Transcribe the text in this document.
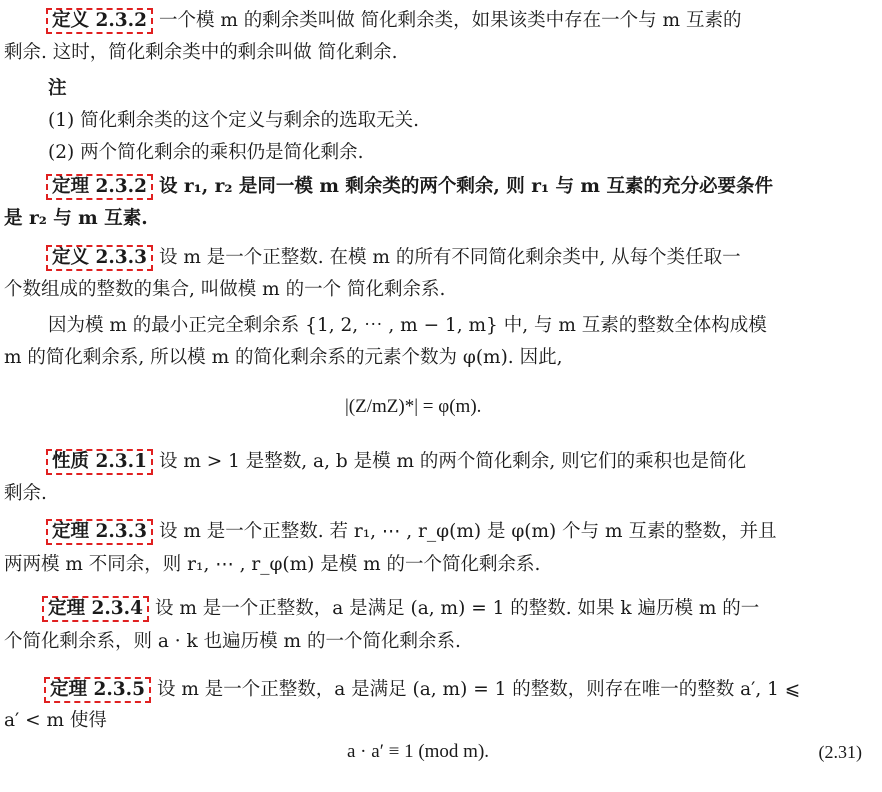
定义 2.3.2 一个模 m 的剩余类叫做 简化剩余类，如果该类中存在一个与 m 互素的
剩余. 这时，简化剩余类中的剩余叫做 简化剩余.
注
(1) 简化剩余类的这个定义与剩余的选取无关.
(2) 两个简化剩余的乘积仍是简化剩余.
定理 2.3.2 设 r₁, r₂ 是同一模 m 剩余类的两个剩余, 则 r₁ 与 m 互素的充分必要条件
是 r₂ 与 m 互素.
定义 2.3.3 设 m 是一个正整数. 在模 m 的所有不同简化剩余类中, 从每个类任取一
个数组成的整数的集合, 叫做模 m 的一个 简化剩余系.
因为模 m 的最小正完全剩余系 {1, 2, ⋯ , m − 1, m} 中, 与 m 互素的整数全体构成模
m 的简化剩余系, 所以模 m 的简化剩余系的元素个数为 φ(m). 因此,
|(Z/mZ)*| = φ(m).
性质 2.3.1 设 m > 1 是整数, a, b 是模 m 的两个简化剩余, 则它们的乘积也是简化
剩余.
定理 2.3.3 设 m 是一个正整数. 若 r₁, ⋯ , r_φ(m) 是 φ(m) 个与 m 互素的整数，并且
两两模 m 不同余，则 r₁, ⋯ , r_φ(m) 是模 m 的一个简化剩余系.
定理 2.3.4 设 m 是一个正整数，a 是满足 (a, m) = 1 的整数. 如果 k 遍历模 m 的一
个简化剩余系，则 a · k 也遍历模 m 的一个简化剩余系.
定理 2.3.5 设 m 是一个正整数，a 是满足 (a, m) = 1 的整数，则存在唯一的整数 a′, 1 ⩽
a′ < m 使得
a · a′ ≡ 1 (mod m).	(2.31)
